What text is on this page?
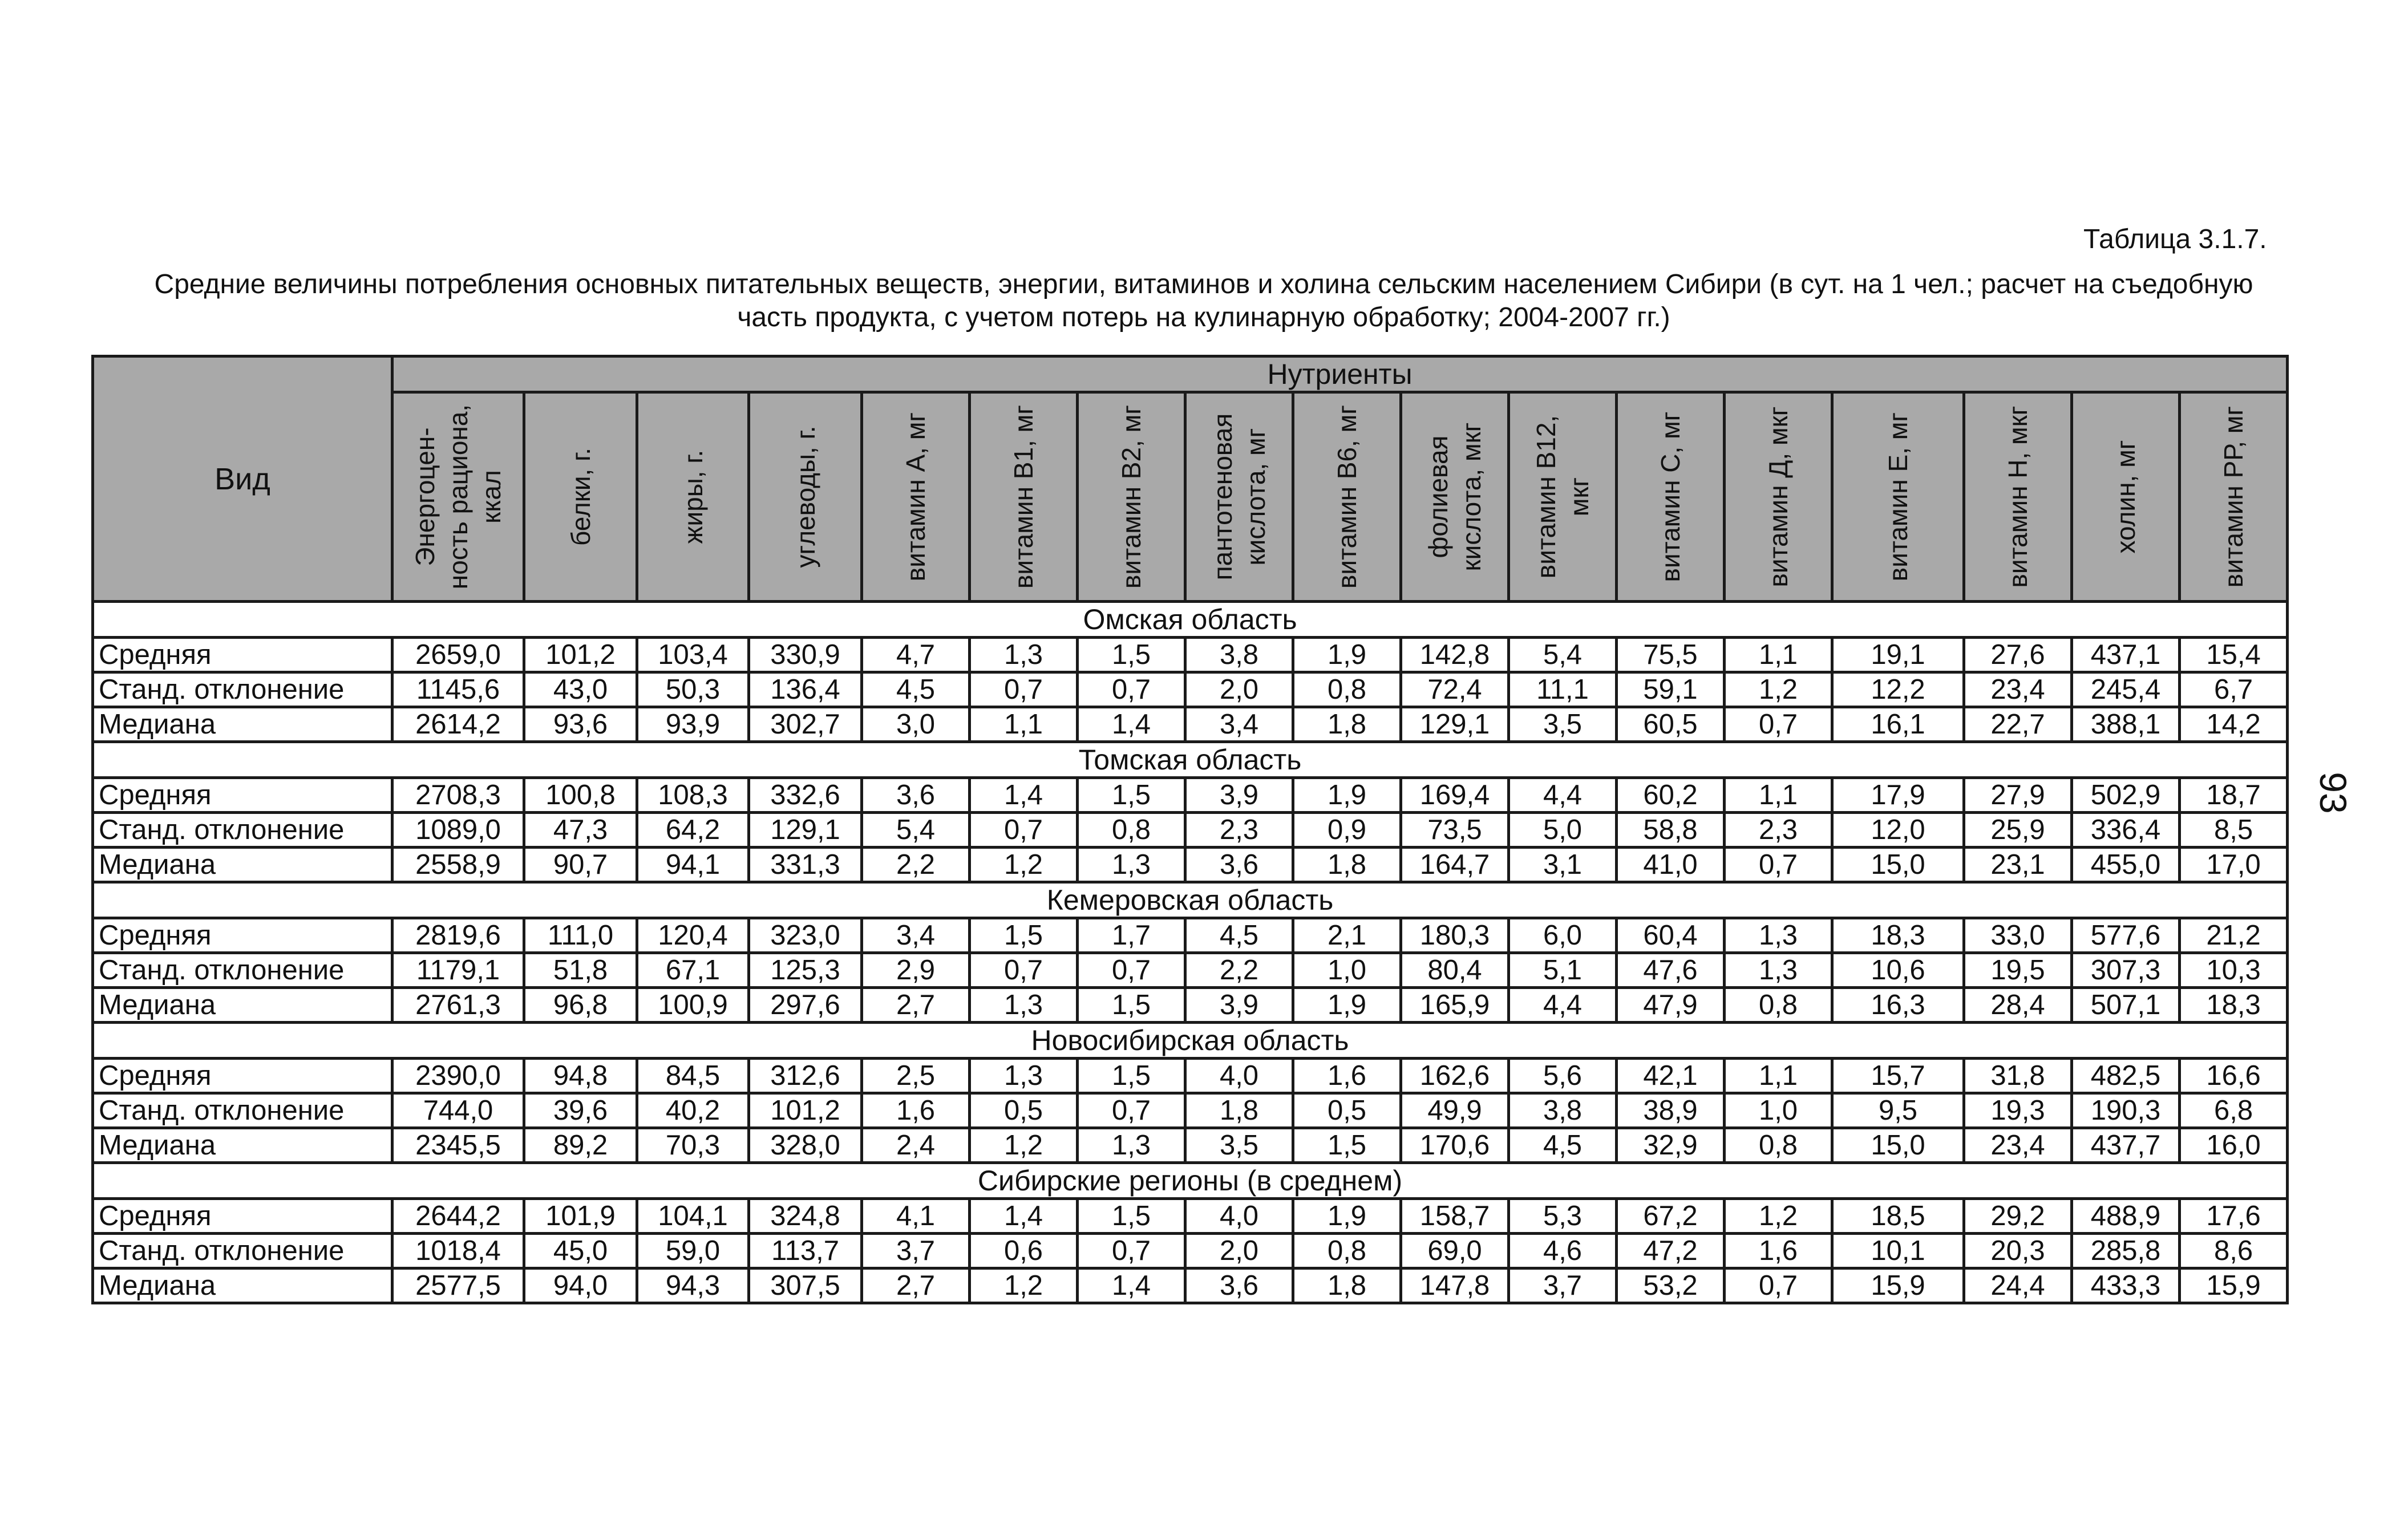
Таблица 3.1.7.
Средние величины потребления основных питательных веществ, энергии, витаминов и холина сельским населением Сибири (в сут. на 1 чел.; расчет на съедобную часть продукта, с учетом потерь на кулинарную обработку; 2004-2007 гг.)
93
Вид	Нутриенты																

	Энергоцен-ность рациона, ккал	белки, г.	жиры, г.	углеводы, г.	витамин А, мг	витамин В1, мг	витамин В2, мг	пантотеновая кислота, мг	витамин В6, мг	фолиевая кислота, мкг	витамин В12, мкг	витамин С, мг	витамин Д, мкг	витамин Е, мг	витамин Н, мкг	холин, мг	витамин РР, мг

Омская область																	
Средняя	2659,0	101,2	103,4	330,9	4,7	1,3	1,5	3,8	1,9	142,8	5,4	75,5	1,1	19,1	27,6	437,1	15,4
Станд. отклонение	1145,6	43,0	50,3	136,4	4,5	0,7	0,7	2,0	0,8	72,4	11,1	59,1	1,2	12,2	23,4	245,4	6,7
Медиана	2614,2	93,6	93,9	302,7	3,0	1,1	1,4	3,4	1,8	129,1	3,5	60,5	0,7	16,1	22,7	388,1	14,2
Томская область																	
Средняя	2708,3	100,8	108,3	332,6	3,6	1,4	1,5	3,9	1,9	169,4	4,4	60,2	1,1	17,9	27,9	502,9	18,7
Станд. отклонение	1089,0	47,3	64,2	129,1	5,4	0,7	0,8	2,3	0,9	73,5	5,0	58,8	2,3	12,0	25,9	336,4	8,5
Медиана	2558,9	90,7	94,1	331,3	2,2	1,2	1,3	3,6	1,8	164,7	3,1	41,0	0,7	15,0	23,1	455,0	17,0
Кемеровская область																	
Средняя	2819,6	111,0	120,4	323,0	3,4	1,5	1,7	4,5	2,1	180,3	6,0	60,4	1,3	18,3	33,0	577,6	21,2
Станд. отклонение	1179,1	51,8	67,1	125,3	2,9	0,7	0,7	2,2	1,0	80,4	5,1	47,6	1,3	10,6	19,5	307,3	10,3
Медиана	2761,3	96,8	100,9	297,6	2,7	1,3	1,5	3,9	1,9	165,9	4,4	47,9	0,8	16,3	28,4	507,1	18,3
Новосибирская область																	
Средняя	2390,0	94,8	84,5	312,6	2,5	1,3	1,5	4,0	1,6	162,6	5,6	42,1	1,1	15,7	31,8	482,5	16,6
Станд. отклонение	744,0	39,6	40,2	101,2	1,6	0,5	0,7	1,8	0,5	49,9	3,8	38,9	1,0	9,5	19,3	190,3	6,8
Медиана	2345,5	89,2	70,3	328,0	2,4	1,2	1,3	3,5	1,5	170,6	4,5	32,9	0,8	15,0	23,4	437,7	16,0
Сибирские регионы (в среднем)																	
Средняя	2644,2	101,9	104,1	324,8	4,1	1,4	1,5	4,0	1,9	158,7	5,3	67,2	1,2	18,5	29,2	488,9	17,6
Станд. отклонение	1018,4	45,0	59,0	113,7	3,7	0,6	0,7	2,0	0,8	69,0	4,6	47,2	1,6	10,1	20,3	285,8	8,6
Медиана	2577,5	94,0	94,3	307,5	2,7	1,2	1,4	3,6	1,8	147,8	3,7	53,2	0,7	15,9	24,4	433,3	15,9
